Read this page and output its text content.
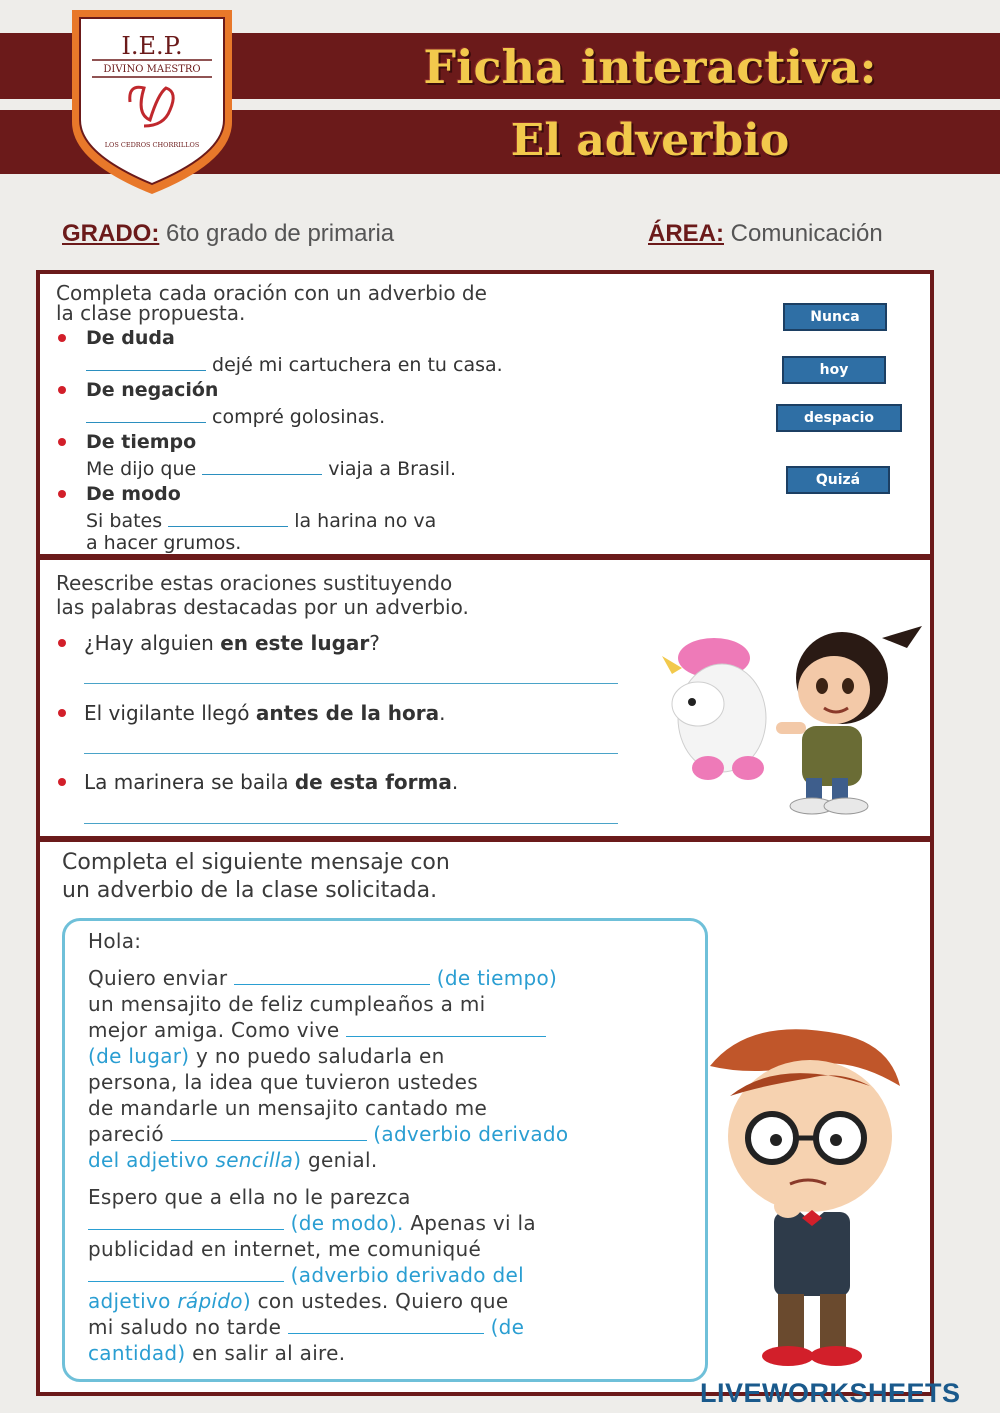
Ficha interactiva:
El adverbio
I.E.P.
DIVINO MAESTRO
LOS CEDROS CHORRILLOS
GRADO: 6to grado de primaria	ÁREA: Comunicación
Completa cada oración con un adverbio de
la clase propuesta.
De duda
dejé mi cartuchera en tu casa.
De negación
compré golosinas.
De tiempo
Me dijo que	viaja a Brasil.
De modo
Si bates	la harina no va
a hacer grumos.
Nunca
hoy
despacio
Quizá
Reescribe estas oraciones sustituyendo
las palabras destacadas por un adverbio.
¿Hay alguien en este lugar?
El vigilante llegó antes de la hora.
La marinera se baila de esta forma.
Completa el siguiente mensaje con
un adverbio de la clase solicitada.
Hola:
Quiero enviar	(de tiempo)
un mensajito de feliz cumpleaños a mi
mejor amiga. Como vive
(de lugar) y no puedo saludarla en
persona, la idea que tuvieron ustedes
de mandarle un mensajito cantado me
pareció	(adverbio derivado
del adjetivo sencilla) genial.
Espero que a ella no le parezca
(de modo). Apenas vi la
publicidad en internet, me comuniqué
(adverbio derivado del
adjetivo rápido) con ustedes. Quiero que
mi saludo no tarde	(de
cantidad) en salir al aire.
LIVEWORKSHEETS
